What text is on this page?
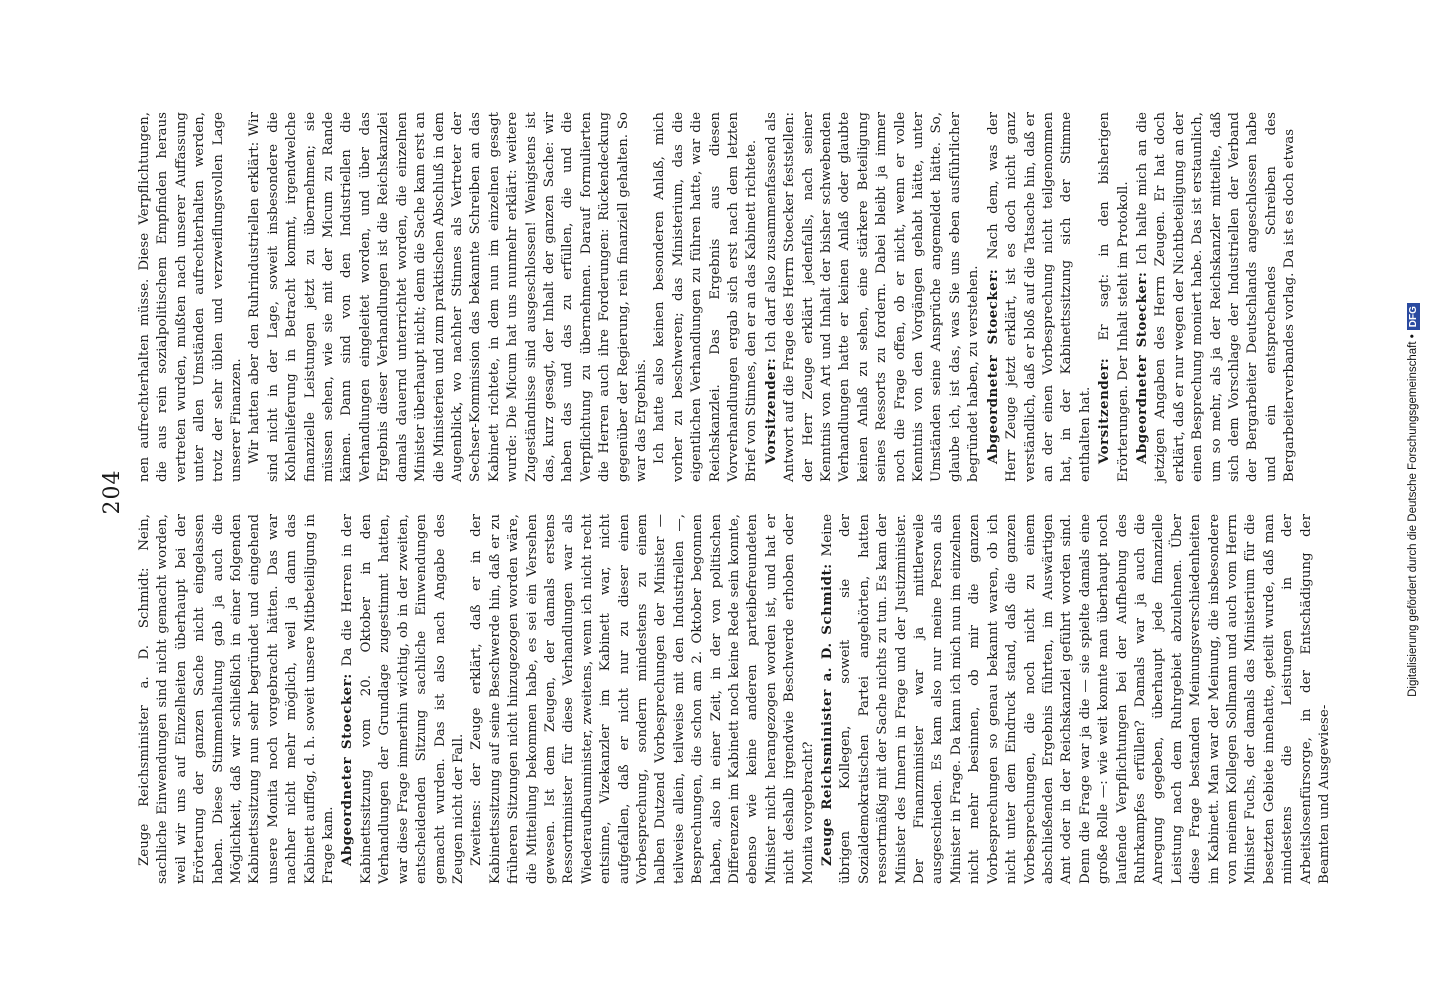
204

Zeuge Reichsminister a. D. Schmidt: Nein, sachliche Einwendungen sind nicht gemacht worden, weil wir uns auf Einzelheiten überhaupt bei der Erörterung der ganzen Sache nicht eingelassen haben. Diese Stimmenhaltung gab ja auch die Möglichkeit, daß wir schließlich in einer folgenden Kabinettssitzung nun sehr begründet und eingehend unsere Monita noch vorgebracht hätten. Das war nachher nicht mehr möglich, weil ja dann das Kabinett aufflog, d. h. soweit unsere Mitbeteiligung in Frage kam. Abgeordneter Stoecker: Da die Herren in der Kabinettssitzung vom 20. Oktober in den Verhandlungen der Grundlage zugestimmt hatten, war diese Frage immerhin wichtig, ob in der zweiten, entscheidenden Sitzung sachliche Einwendungen gemacht wurden. Das ist also nach Angabe des Zeugen nicht der Fall. Zweitens: der Zeuge erklärt, daß er in der Kabinettssitzung auf seine Beschwerde hin, daß er zu früheren Sitzungen nicht hinzugezogen worden wäre, die Mitteilung bekommen habe, es sei ein Versehen gewesen. Ist dem Zeugen, der damals erstens Ressortminister für diese Verhandlungen war als Wiederaufbauminister, zweitens, wenn ich nicht recht entsinne, Vizekanzler im Kabinett war, nicht aufgefallen, daß er nicht nur zu dieser einen Vorbesprechung, sondern mindestens zu einem halben Dutzend Vorbesprechungen der Minister — teilweise allein, teilweise mit den Industriellen —, Besprechungen, die schon am 2. Oktober begonnen haben, also in einer Zeit, in der von politischen Differenzen im Kabinett noch keine Rede sein konnte, ebenso wie keine anderen parteibefreundeten Minister nicht herangezogen worden ist, und hat er nicht deshalb irgendwie Beschwerde erhoben oder Monita vorgebracht? Zeuge Reichsminister a. D. Schmidt: Meine übrigen Kollegen, soweit sie der Sozialdemokratischen Partei angehörten, hatten ressortmäßig mit der Sache nichts zu tun. Es kam der Minister des Innern in Frage und der Justizminister. Der Finanzminister war ja mittlerweile ausgeschieden. Es kam also nur meine Person als Minister in Frage. Da kann ich mich nun im einzelnen nicht mehr besinnen, ob mir die ganzen Vorbesprechungen so genau bekannt waren, ob ich nicht unter dem Eindruck stand, daß die ganzen Vorbesprechungen, die noch nicht zu einem abschließenden Ergebnis führten, im Auswärtigen Amt oder in der Reichskanzlei geführt worden sind. Denn die Frage war ja die — sie spielte damals eine große Rolle —: wie weit konnte man überhaupt noch laufende Verpflichtungen bei der Aufhebung des Ruhrkampfes erfüllen? Damals war ja auch die Anregung gegeben, überhaupt jede finanzielle Leistung nach dem Ruhrgebiet abzulehnen. Über diese Frage bestanden Meinungsverschiedenheiten im Kabinett. Man war der Meinung, die insbesondere von meinem Kollegen Sollmann und auch vom Herrn Minister Fuchs, der damals das Ministerium für die besetzten Gebiete innehatte, geteilt wurde, daß man mindestens die Leistungen in der Arbeitslosenfürsorge, in der Entschädigung der Beamten und Ausgewiese-

nen aufrechterhalten müsse. Diese Verpflichtungen, die aus rein sozialpolitischem Empfinden heraus vertreten wurden, mußten nach unserer Auffassung unter allen Umständen aufrechterhalten werden, trotz der sehr üblen und verzweiflungsvollen Lage unserer Finanzen. Wir hatten aber den Ruhrindustriellen erklärt: Wir sind nicht in der Lage, soweit insbesondere die Kohlenlieferung in Betracht kommt, irgendwelche finanzielle Leistungen jetzt zu übernehmen; sie müssen sehen, wie sie mit der Micum zu Rande kämen. Dann sind von den Industriellen die Verhandlungen eingeleitet worden, und über das Ergebnis dieser Verhandlungen ist die Reichskanzlei damals dauernd unterrichtet worden, die einzelnen Minister überhaupt nicht; denn die Sache kam erst an die Ministerien und zum praktischen Abschluß in dem Augenblick, wo nachher Stinnes als Vertreter der Sechser-Kommission das bekannte Schreiben an das Kabinett richtete, in dem nun im einzelnen gesagt wurde: Die Micum hat uns nunmehr erklärt: weitere Zugeständnisse sind ausgeschlossen! Wenigstens ist das, kurz gesagt, der Inhalt der ganzen Sache: wir haben das und das zu erfüllen, die und die Verpflichtung zu übernehmen. Darauf formulierten die Herren auch ihre Forderungen: Rückendeckung gegenüber der Regierung, rein finanziell gehalten. So war das Ergebnis. Ich hatte also keinen besonderen Anlaß, mich vorher zu beschweren; das Ministerium, das die eigentlichen Verhandlungen zu führen hatte, war die Reichskanzlei. Das Ergebnis aus diesen Vorverhandlungen ergab sich erst nach dem letzten Brief von Stinnes, den er an das Kabinett richtete. Vorsitzender: Ich darf also zusammenfassend als Antwort auf die Frage des Herrn Stoecker feststellen: der Herr Zeuge erklärt jedenfalls, nach seiner Kenntnis von Art und Inhalt der bisher schwebenden Verhandlungen hatte er keinen Anlaß oder glaubte keinen Anlaß zu sehen, eine stärkere Beteiligung seines Ressorts zu fordern. Dabei bleibt ja immer noch die Frage offen, ob er nicht, wenn er volle Kenntnis von den Vorgängen gehabt hätte, unter Umständen seine Ansprüche angemeldet hätte. So, glaube ich, ist das, was Sie uns eben ausführlicher begründet haben, zu verstehen. Abgeordneter Stoecker: Nach dem, was der Herr Zeuge jetzt erklärt, ist es doch nicht ganz verständlich, daß er bloß auf die Tatsache hin, daß er an der einen Vorbesprechung nicht teilgenommen hat, in der Kabinettssitzung sich der Stimme enthalten hat. Vorsitzender: Er sagt: in den bisherigen Erörterungen. Der Inhalt steht im Protokoll. Abgeordneter Stoecker: Ich halte mich an die jetzigen Angaben des Herrn Zeugen. Er hat doch erklärt, daß er nur wegen der Nichtbeteiligung an der einen Besprechung moniert habe. Das ist erstaunlich, um so mehr, als ja der Reichskanzler mitteilte, daß sich dem Vorschlage der Industriellen der Verband der Bergarbeiter Deutschlands angeschlossen habe und ein entsprechendes Schreiben des Bergarbeiterverbandes vorlag. Da ist es doch etwas

Digitalisierung gefördert durch die Deutsche Forschungsgemeinschaft •DFG
